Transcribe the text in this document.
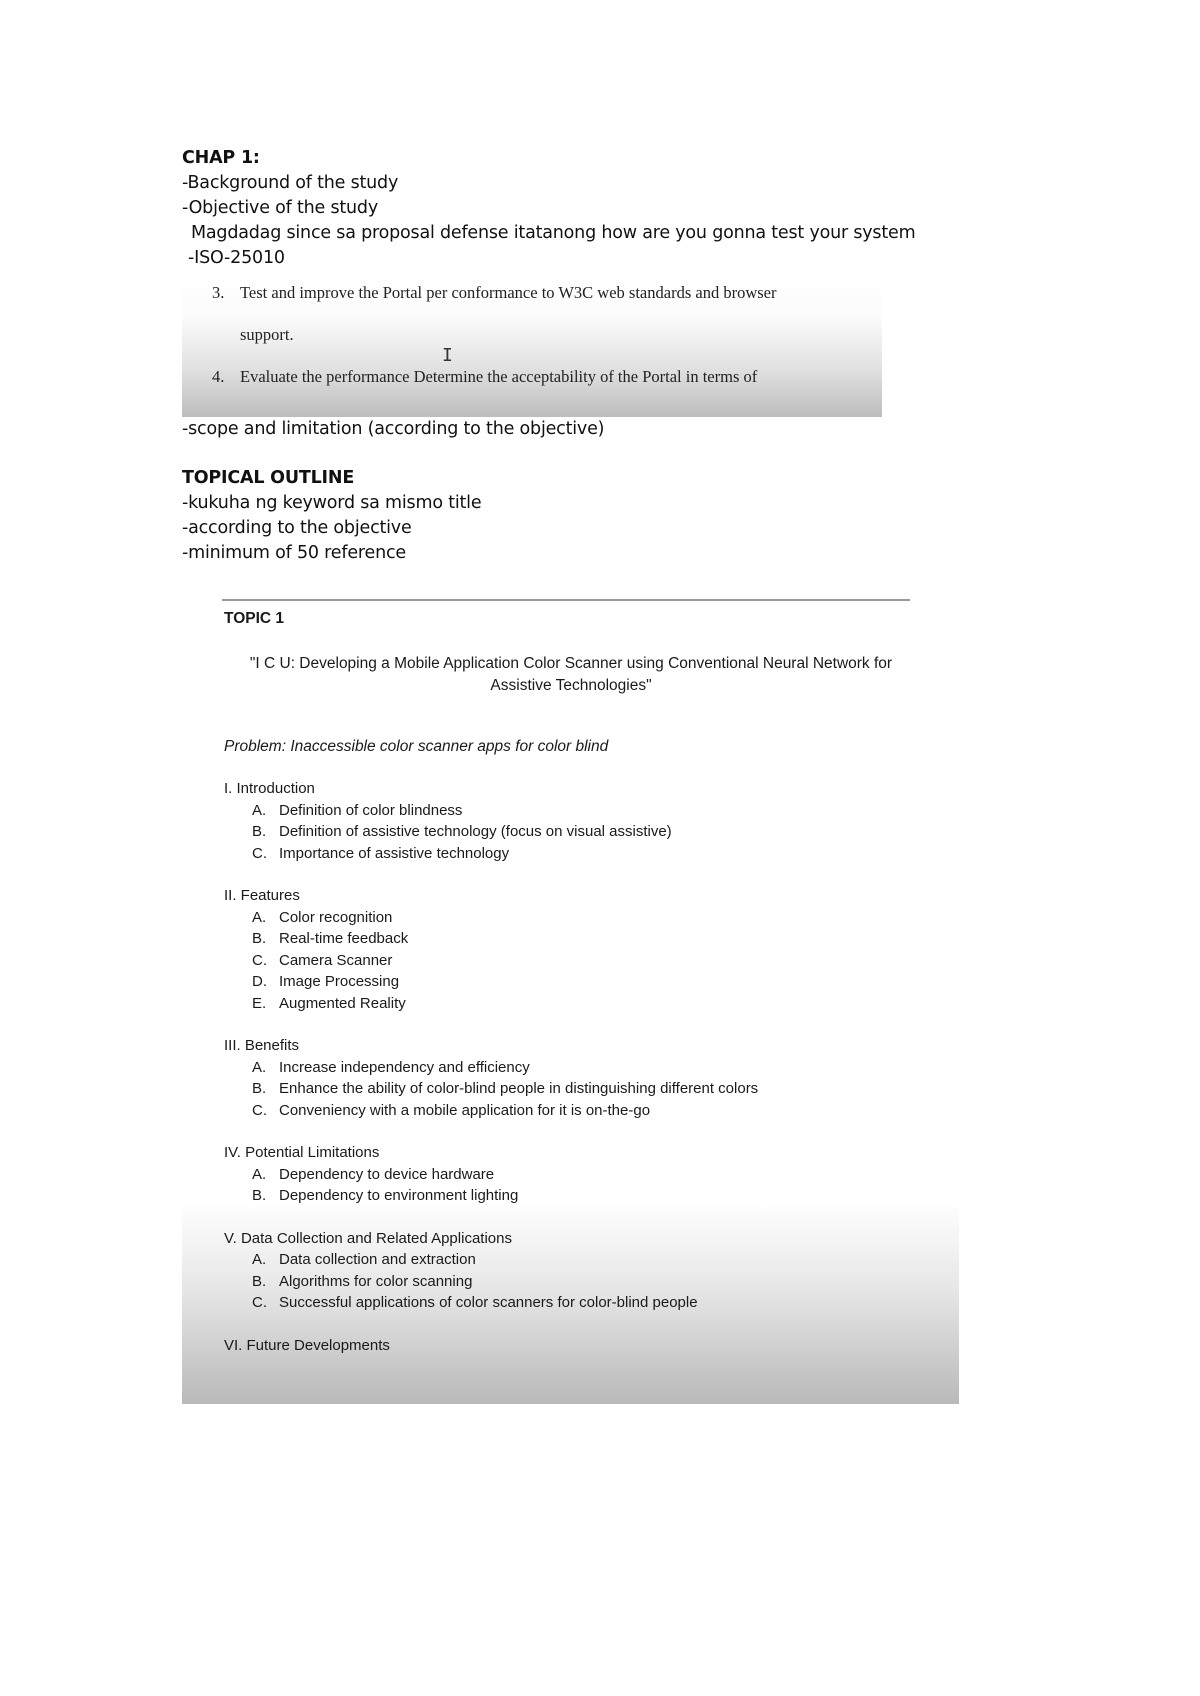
CHAP 1:
-Background of the study
-Objective of the study
Magdadag since sa proposal defense itatanong how are you gonna test your system
-ISO-25010
3. Test and improve the Portal per conformance to W3C web standards and browser
support.
4. Evaluate the performance Determine the acceptability of the Portal in terms of
I
-scope and limitation (according to the objective)
TOPICAL OUTLINE
-kukuha ng keyword sa mismo title
-according to the objective
-minimum of 50 reference
TOPIC 1
"I C U: Developing a Mobile Application Color Scanner using Conventional Neural Network for Assistive Technologies"
Problem: Inaccessible color scanner apps for color blind
I. Introduction
A. Definition of color blindness
B. Definition of assistive technology (focus on visual assistive)
C. Importance of assistive technology
II. Features
A. Color recognition
B. Real-time feedback
C. Camera Scanner
D. Image Processing
E. Augmented Reality
III. Benefits
A. Increase independency and efficiency
B. Enhance the ability of color-blind people in distinguishing different colors
C. Conveniency with a mobile application for it is on-the-go
IV. Potential Limitations
A. Dependency to device hardware
B. Dependency to environment lighting
V. Data Collection and Related Applications
A. Data collection and extraction
B. Algorithms for color scanning
C. Successful applications of color scanners for color-blind people
VI. Future Developments
